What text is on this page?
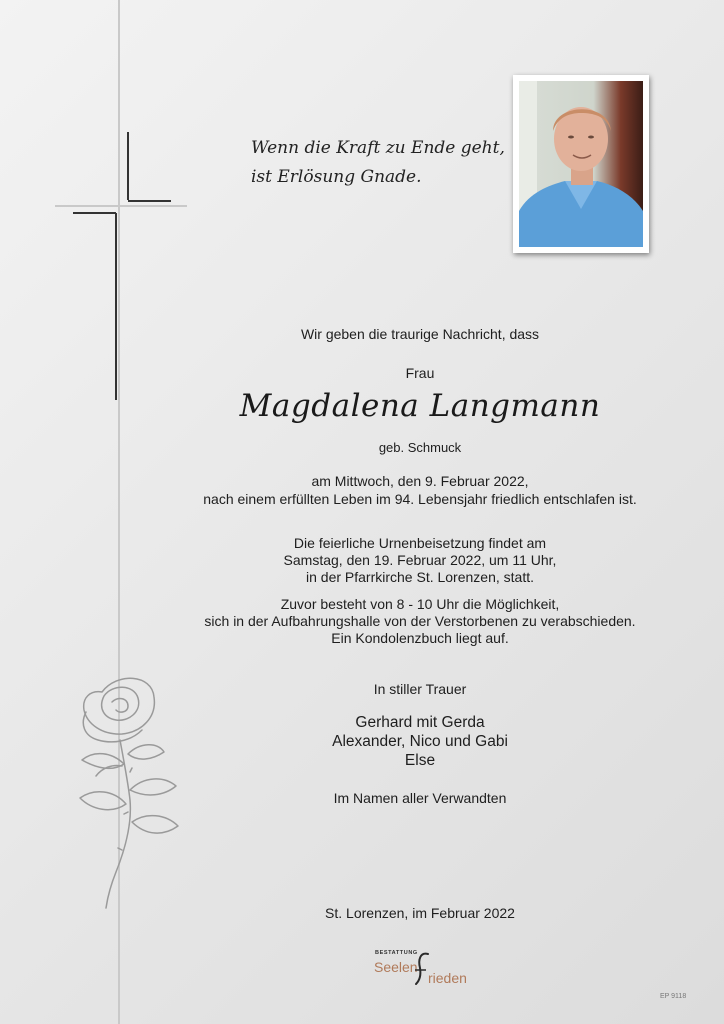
Wenn die Kraft zu Ende geht,
ist Erlösung Gnade.
Wir geben die traurige Nachricht, dass
Frau
Magdalena Langmann
geb. Schmuck
am Mittwoch, den 9. Februar 2022,
nach einem erfüllten Leben im 94. Lebensjahr friedlich entschlafen ist.
Die feierliche Urnenbeisetzung findet am
Samstag, den 19. Februar 2022, um 11 Uhr,
in der Pfarrkirche St. Lorenzen, statt.
Zuvor besteht von 8 - 10 Uhr die Möglichkeit,
sich in der Aufbahrungshalle von der Verstorbenen zu verabschieden.
Ein Kondolenzbuch liegt auf.
In stiller Trauer
Gerhard mit Gerda
Alexander, Nico und Gabi
Else
Im Namen aller Verwandten
St. Lorenzen, im Februar 2022
BESTATTUNG
Seelen
rieden
EP 9118
